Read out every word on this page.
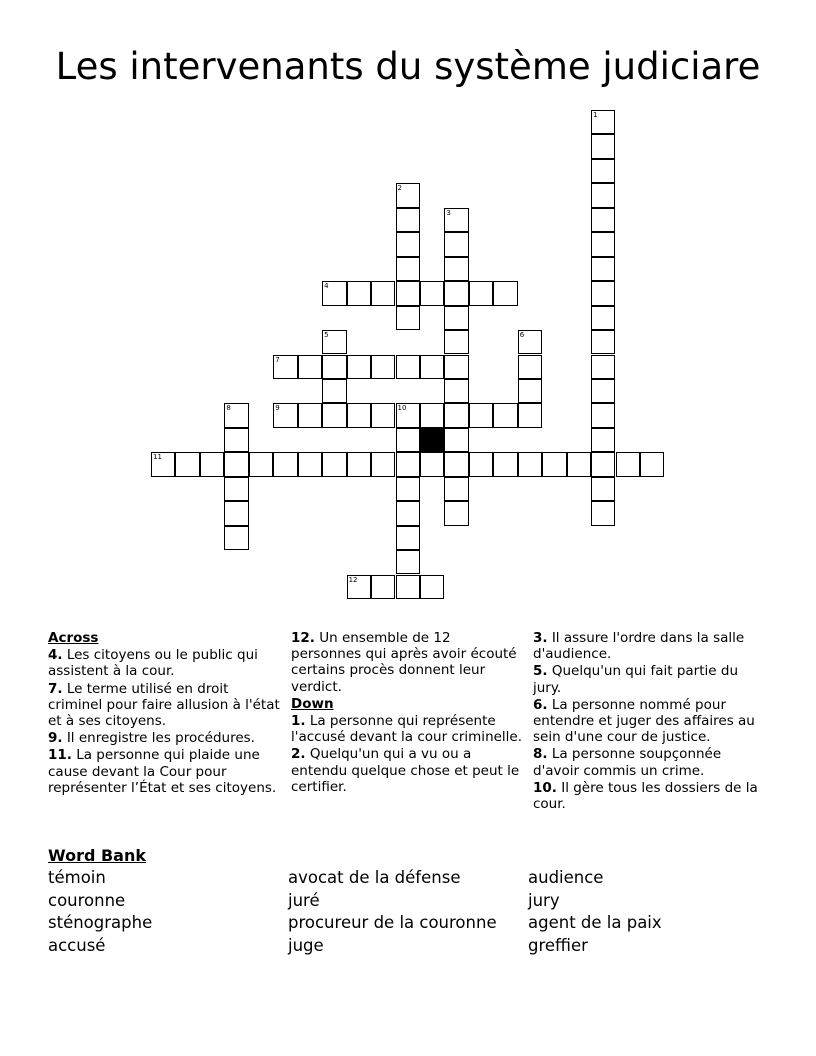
Les intervenants du système judiciare
1
2
3
4
5	6
7
8	9	10
11
12
Across
4. Les citoyens ou le public qui assistent à la cour.
7. Le terme utilisé en droit criminel pour faire allusion à l'état et à ses citoyens.
9. Il enregistre les procédures.
11. La personne qui plaide une cause devant la Cour pour représenter l’État et ses citoyens.
12. Un ensemble de 12 personnes qui après avoir écouté certains procès donnent leur verdict.
Down
1. La personne qui représente l'accusé devant la cour criminelle.
2. Quelqu'un qui a vu ou a entendu quelque chose et peut le certifier.
3. Il assure l'ordre dans la salle d'audience.
5. Quelqu'un qui fait partie du jury.
6. La personne nommé pour entendre et juger des affaires au sein d'une cour de justice.
8. La personne soupçonnée d'avoir commis un crime.
10. Il gère tous les dossiers de la cour.
Word Bank
témoin
couronne
sténographe
accusé
avocat de la défense
juré
procureur de la couronne
juge
audience
jury
agent de la paix
greffier
